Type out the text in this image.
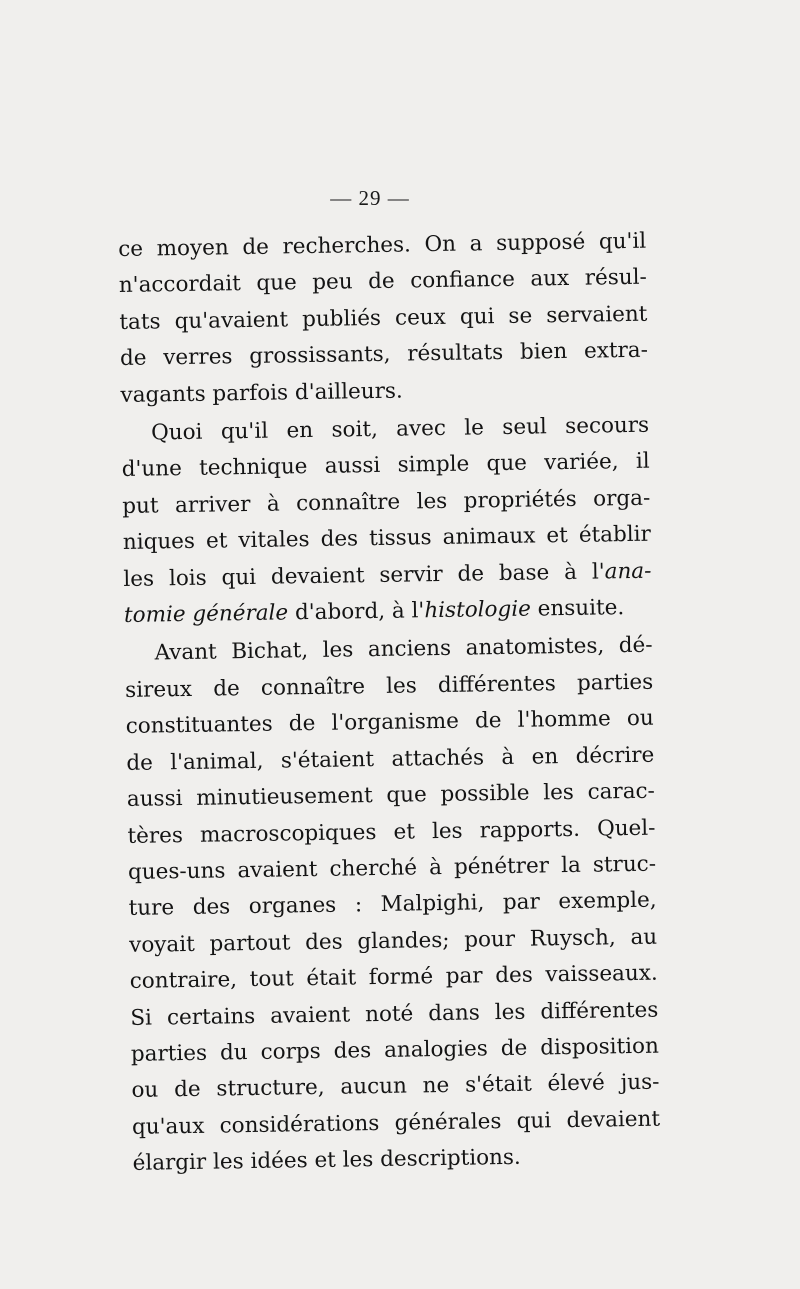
— 29 —
ce moyen de recherches. On a supposé qu'il
n'accordait que peu de confiance aux résul-
tats qu'avaient publiés ceux qui se servaient
de verres grossissants, résultats bien extra-
vagants parfois d'ailleurs.
Quoi qu'il en soit, avec le seul secours
d'une technique aussi simple que variée, il
put arriver à connaître les propriétés orga-
niques et vitales des tissus animaux et établir
les lois qui devaient servir de base à l'ana-
tomie générale d'abord, à l'histologie ensuite.
Avant Bichat, les anciens anatomistes, dé-
sireux de connaître les différentes parties
constituantes de l'organisme de l'homme ou
de l'animal, s'étaient attachés à en décrire
aussi minutieusement que possible les carac-
tères macroscopiques et les rapports. Quel-
ques-uns avaient cherché à pénétrer la struc-
ture des organes : Malpighi, par exemple,
voyait partout des glandes; pour Ruysch, au
contraire, tout était formé par des vaisseaux.
Si certains avaient noté dans les différentes
parties du corps des analogies de disposition
ou de structure, aucun ne s'était élevé jus-
qu'aux considérations générales qui devaient
élargir les idées et les descriptions.
